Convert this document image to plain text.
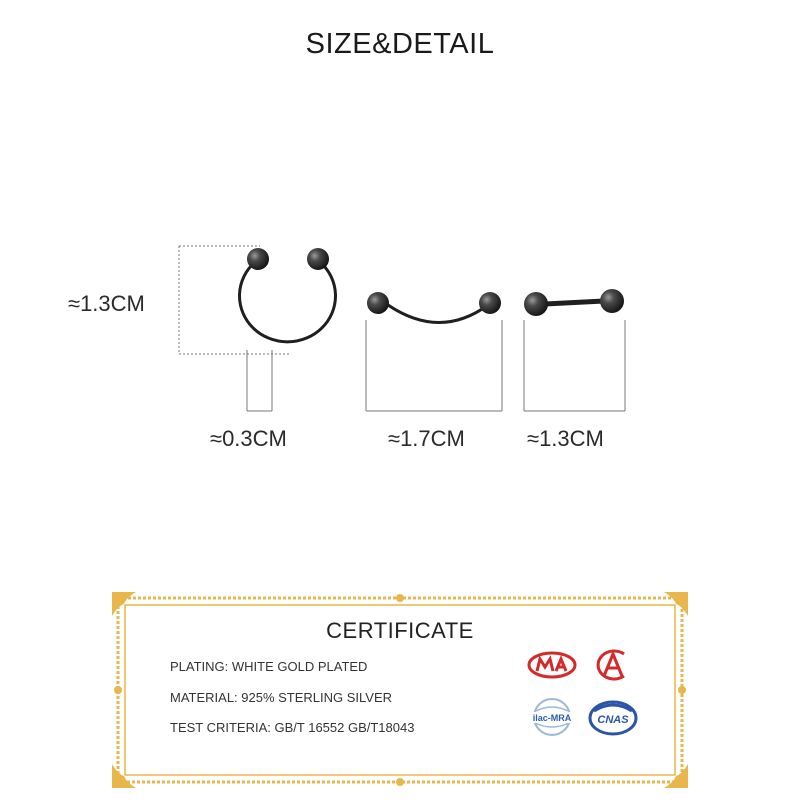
SIZE&DETAIL
≈1.3CM
≈0.3CM	≈1.7CM	≈1.3CM
CERTIFICATE
PLATING: WHITE GOLD PLATED
MATERIAL: 925% STERLING SILVER
TEST CRITERIA: GB/T 16552 GB/T18043
ilac-MRA CNAS
